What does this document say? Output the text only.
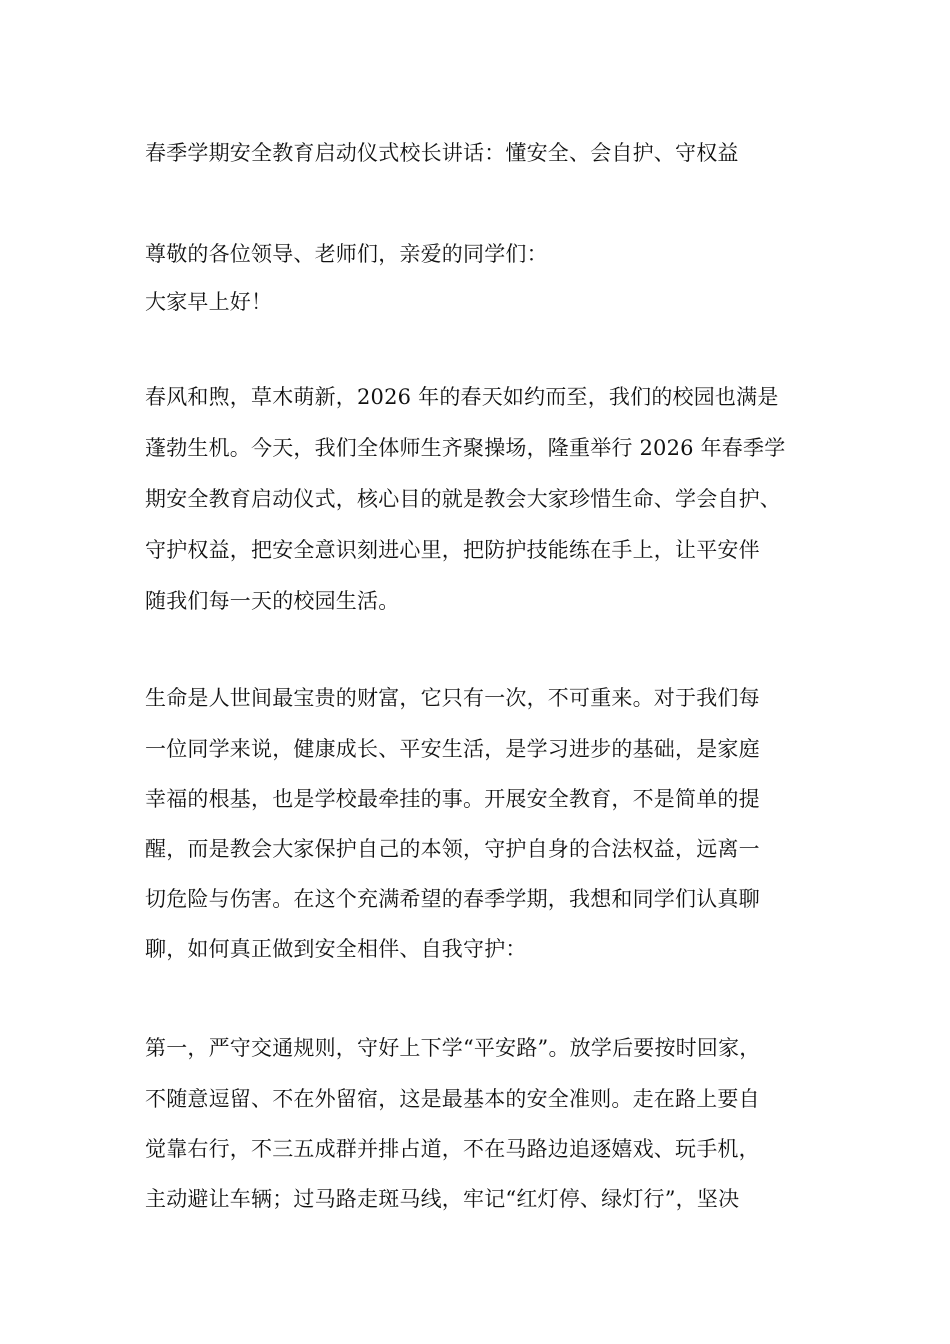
春季学期安全教育启动仪式校长讲话：懂安全、会自护、守权益
尊敬的各位领导、老师们，亲爱的同学们：
大家早上好！
春风和煦，草木萌新，2026 年的春天如约而至，我们的校园也满是
蓬勃生机。今天，我们全体师生齐聚操场，隆重举行 2026 年春季学
期安全教育启动仪式，核心目的就是教会大家珍惜生命、学会自护、
守护权益，把安全意识刻进心里，把防护技能练在手上，让平安伴
随我们每一天的校园生活。
生命是人世间最宝贵的财富，它只有一次，不可重来。对于我们每
一位同学来说，健康成长、平安生活，是学习进步的基础，是家庭
幸福的根基，也是学校最牵挂的事。开展安全教育，不是简单的提
醒，而是教会大家保护自己的本领，守护自身的合法权益，远离一
切危险与伤害。在这个充满希望的春季学期，我想和同学们认真聊
聊，如何真正做到安全相伴、自我守护：
第一，严守交通规则，守好上下学“平安路”。放学后要按时回家，
不随意逗留、不在外留宿，这是最基本的安全准则。走在路上要自
觉靠右行，不三五成群并排占道，不在马路边追逐嬉戏、玩手机，
主动避让车辆；过马路走斑马线，牢记“红灯停、绿灯行”，坚决
